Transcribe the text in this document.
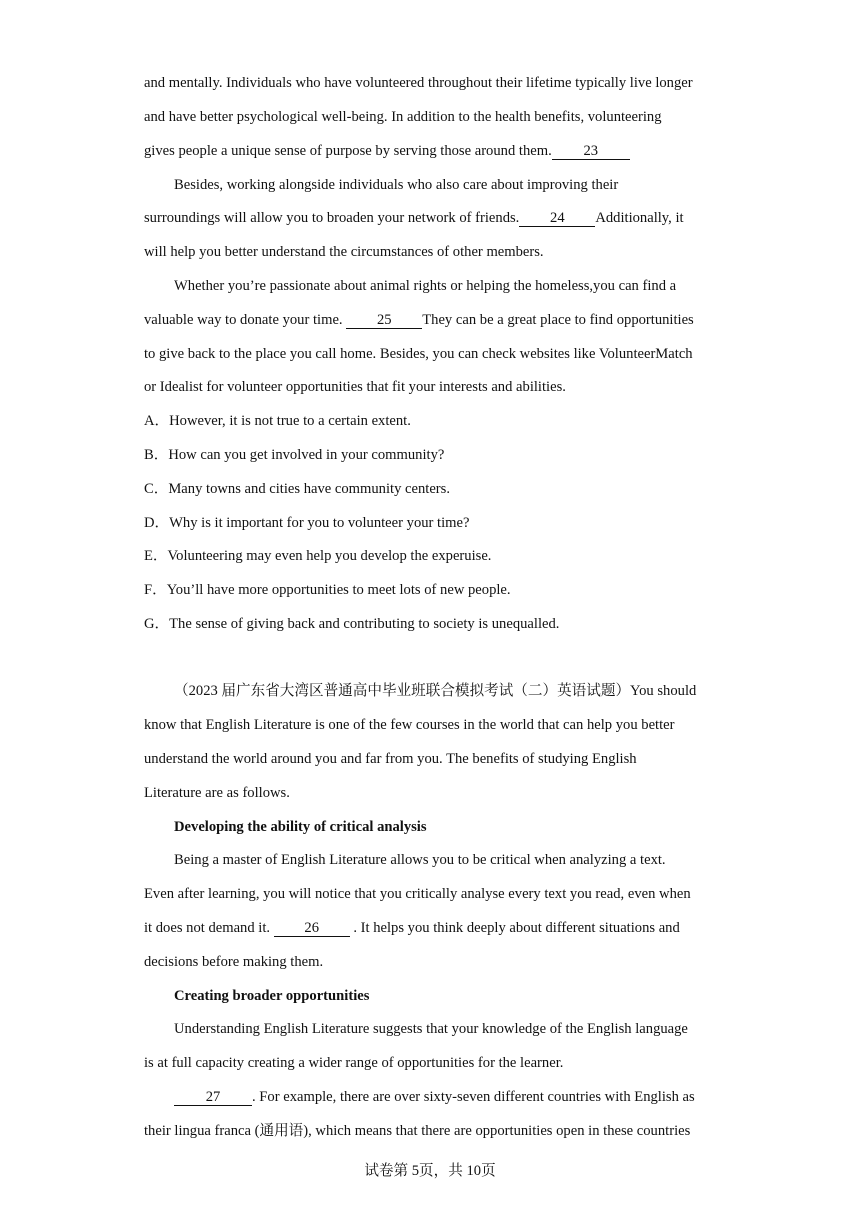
and mentally. Individuals who have volunteered throughout their lifetime typically live longer
and have better psychological well-being. In addition to the health benefits, volunteering
gives people a unique sense of purpose by serving those around them. 23
Besides, working alongside individuals who also care about improving their
surroundings will allow you to broaden your network of friends. 24 Additionally, it
will help you better understand the circumstances of other members.
Whether you’re passionate about animal rights or helping the homeless,you can find a
valuable way to donate your time. 25 They can be a great place to find opportunities
to give back to the place you call home. Besides, you can check websites like VolunteerMatch
or Idealist for volunteer opportunities that fit your interests and abilities.
A．However, it is not true to a certain extent.
B．How can you get involved in your community?
C．Many towns and cities have community centers.
D．Why is it important for you to volunteer your time?
E．Volunteering may even help you develop the experuise.
F．You’ll have more opportunities to meet lots of new people.
G．The sense of giving back and contributing to society is unequalled.
（2023 届广东省大湾区普通高中毕业班联合模拟考试（二）英语试题）You should
know that English Literature is one of the few courses in the world that can help you better
understand the world around you and far from you. The benefits of studying English
Literature are as follows.
Developing the ability of critical analysis
Being a master of English Literature allows you to be critical when analyzing a text.
Even after learning, you will notice that you critically analyse every text you read, even when
it does not demand it. 26 . It helps you think deeply about different situations and
decisions before making them.
Creating broader opportunities
Understanding English Literature suggests that your knowledge of the English language
is at full capacity creating a wider range of opportunities for the learner.
27 . For example, there are over sixty-seven different countries with English as
their lingua franca (通用语), which means that there are opportunities open in these countries
试卷第 5页，共 10页
